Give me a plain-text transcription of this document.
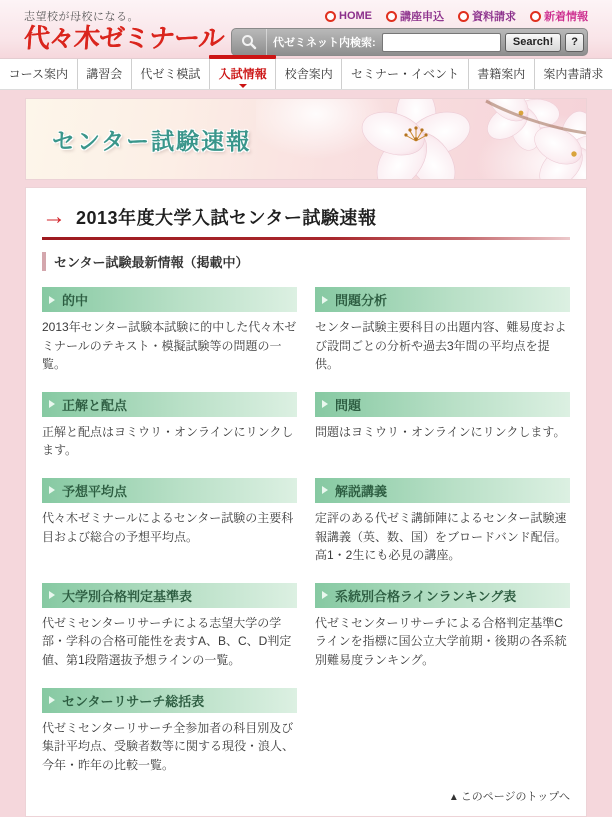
志望校が母校になる。
代々木ゼミナール
HOME	講座申込	資料請求	新着情報
代ゼミネット内検索:	Search!	?
コース案内	講習会	代ゼミ模試	入試情報	校舎案内	セミナー・イベント	書籍案内	案内書請求
センター試験速報
→ 2013年度大学入試センター試験速報
センター試験最新情報（掲載中）
的中
2013年センター試験本試験に的中した代々木ゼミナールのテキスト・模擬試験等の問題の一覧。
問題分析
センター試験主要科目の出題内容、難易度および設問ごとの分析や過去3年間の平均点を提供。
正解と配点
正解と配点はヨミウリ・オンラインにリンクします。
問題
問題はヨミウリ・オンラインにリンクします。
予想平均点
代々木ゼミナールによるセンター試験の主要科目および総合の予想平均点。
解説講義
定評のある代ゼミ講師陣によるセンター試験速報講義（英、数、国）をブロードバンド配信。高1・2生にも必見の講座。
大学別合格判定基準表
代ゼミセンターリサーチによる志望大学の学部・学科の合格可能性を表すA、B、C、D判定値、第1段階選抜予想ラインの一覧。
系統別合格ラインランキング表
代ゼミセンターリサーチによる合格判定基準Cラインを指標に国公立大学前期・後期の各系統別難易度ランキング。
センターリサーチ総括表
代ゼミセンターリサーチ全参加者の科目別及び集計平均点、受験者数等に関する現役・浪人、今年・昨年の比較一覧。
▲ このページのトップへ
